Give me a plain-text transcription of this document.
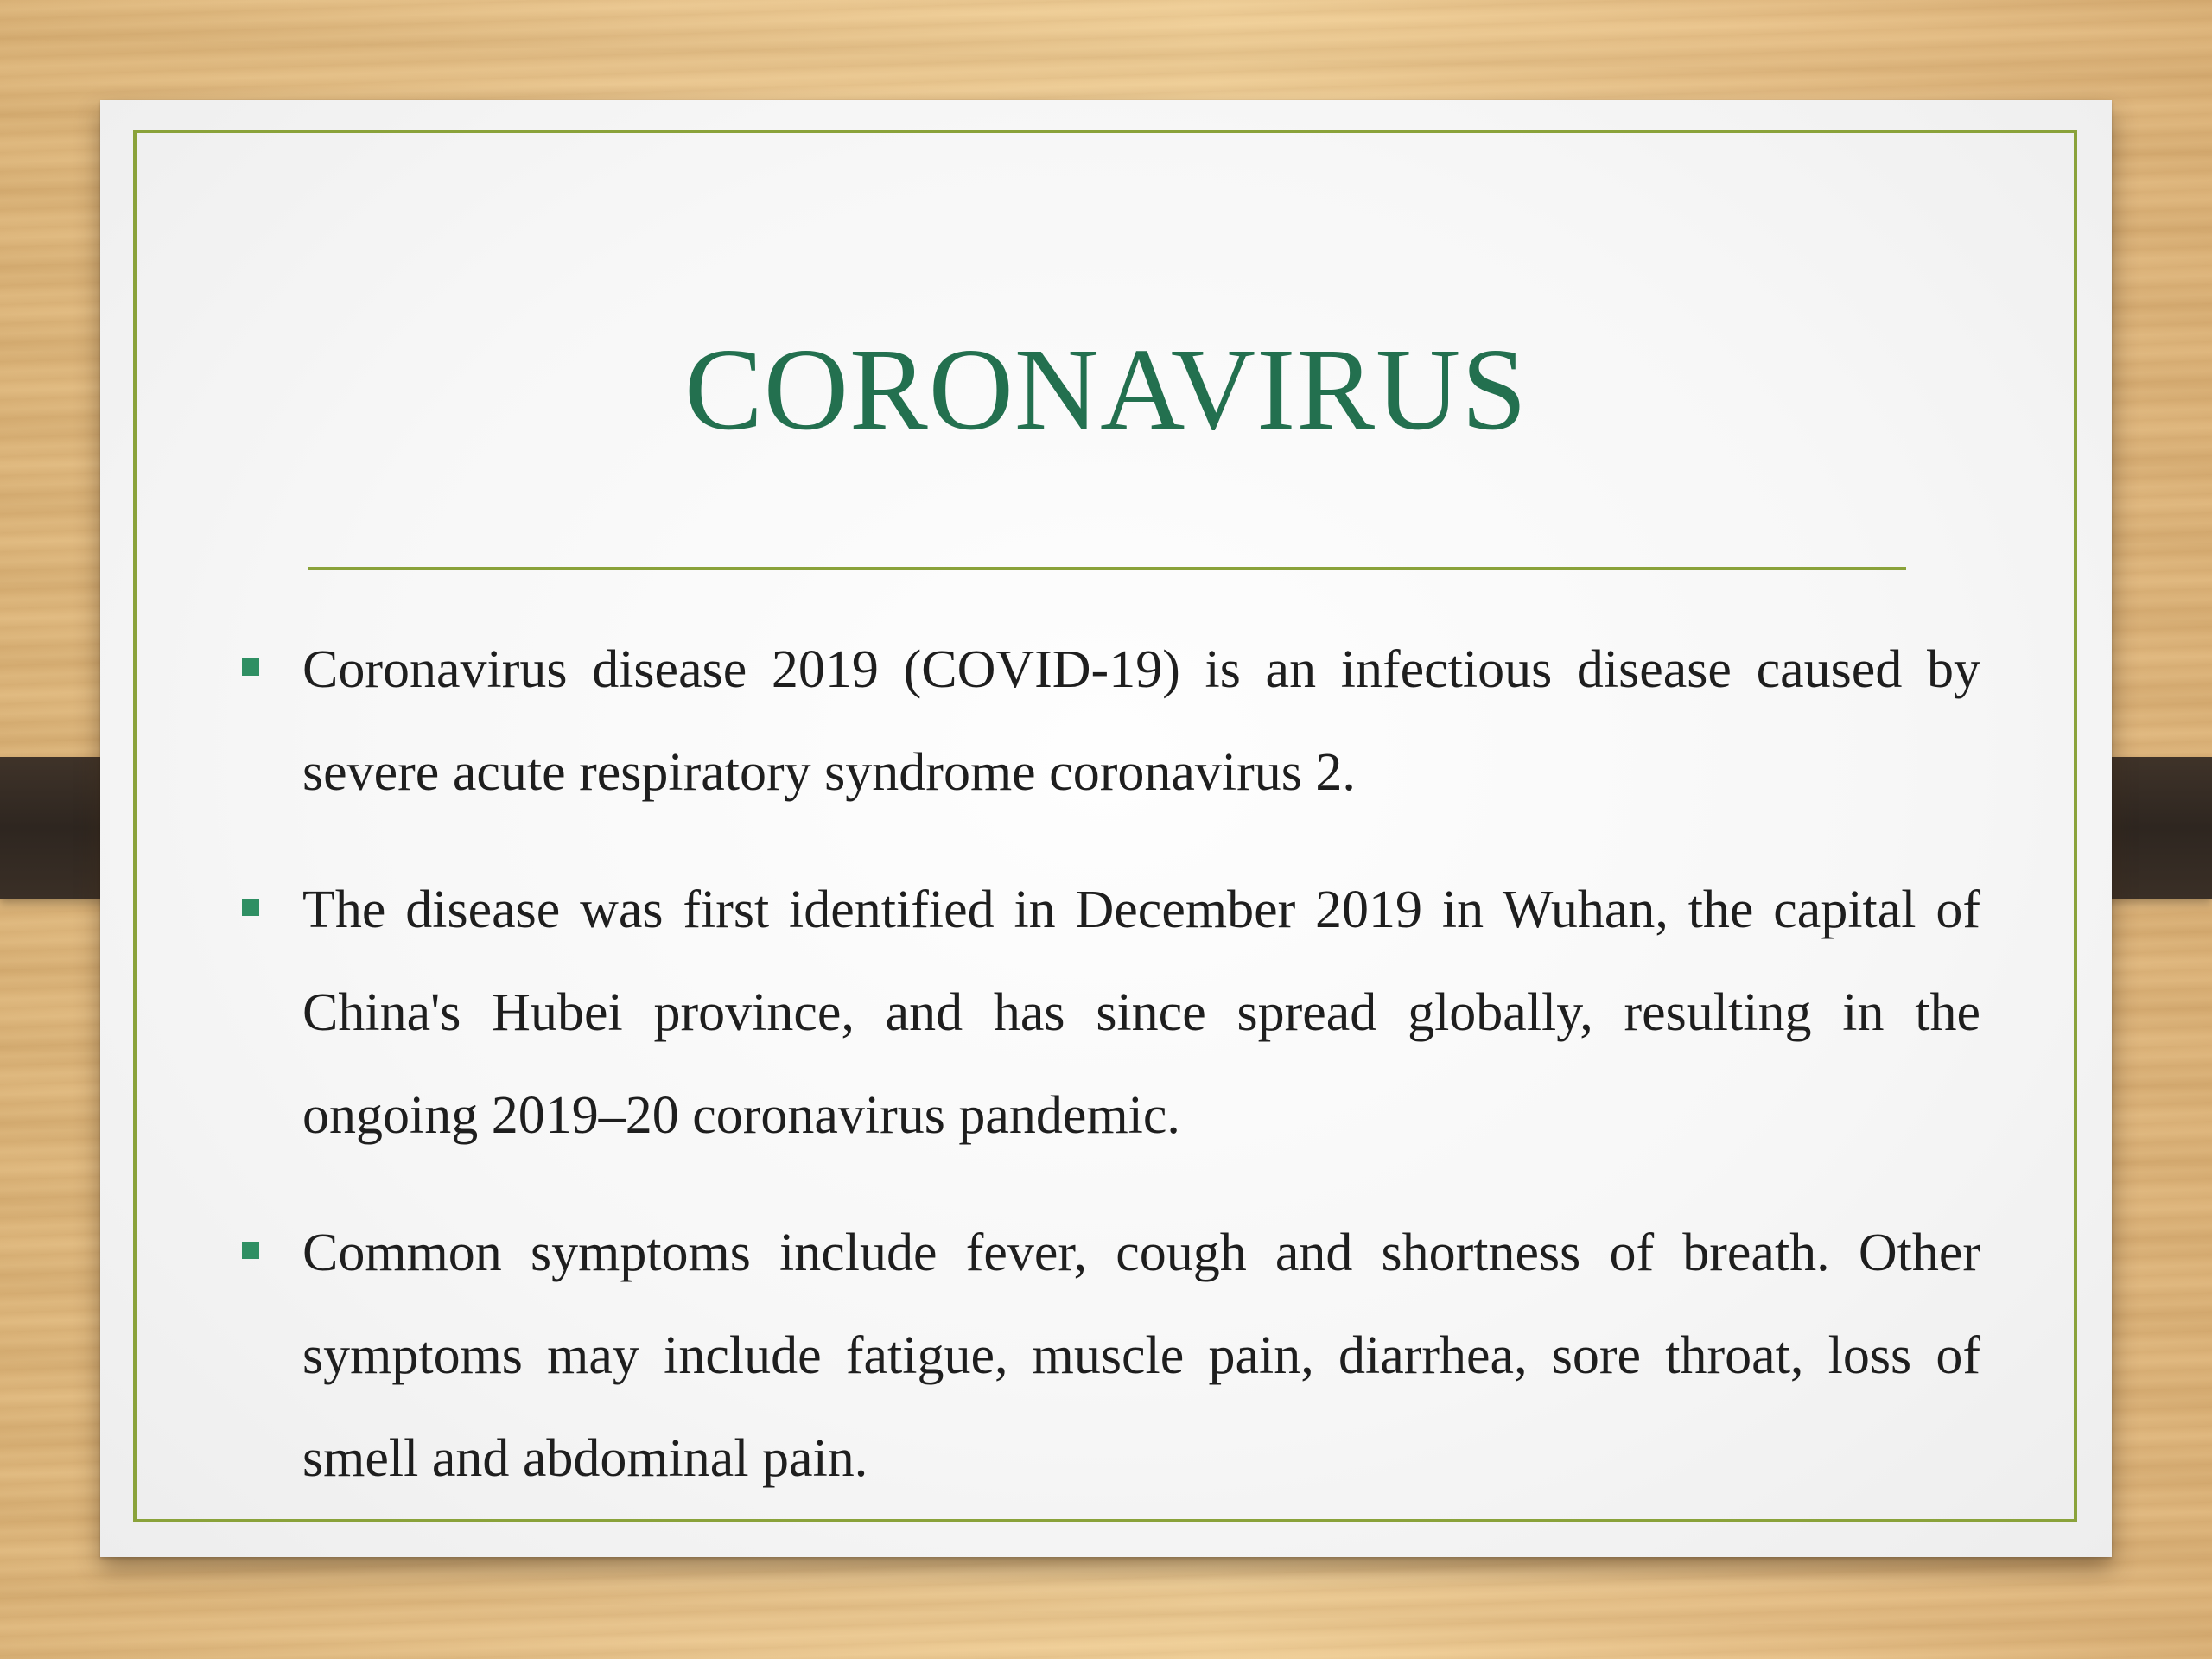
CORONAVIRUS
Coronavirus disease 2019 (COVID-19) is an infectious disease caused by severe acute respiratory syndrome coronavirus 2.
The disease was first identified in December 2019 in Wuhan, the capital of China's Hubei province, and has since spread globally, resulting in the ongoing 2019–20 coronavirus pandemic.
Common symptoms include fever, cough and shortness of breath. Other symptoms may include fatigue, muscle pain, diarrhea, sore throat, loss of smell and abdominal pain.
